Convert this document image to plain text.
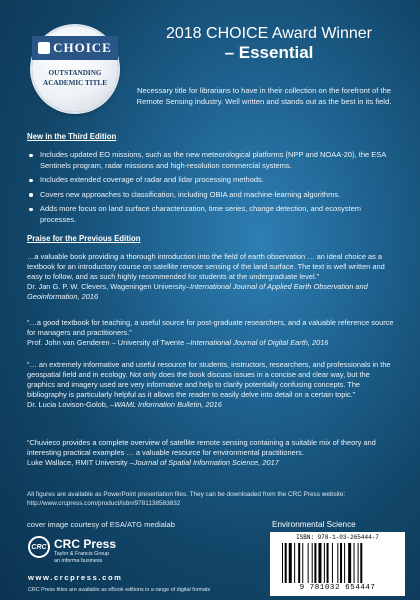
CHOICE
OUTSTANDING
ACADEMIC TITLE
2018 CHOICE Award Winner
– Essential
Necessary title for librarians to have in their collection on the forefront of the Remote Sensing industry. Well written and stands out as the best in its field.
New in the Third Edition
Includes updated EO missions, such as the new meteorological platforms (NPP and NOAA-20), the ESA Sentinels program, radar missions and high-resolution commercial systems.
Includes extended coverage of radar and lidar processing methods.
Covers new approaches to classification, including OBIA and machine-learning algorithms.
Adds more focus on land surface characterization, time series, change detection, and ecosystem processes.
Praise for the Previous Edition

…a valuable book providing a thorough introduction into the field of earth observation … an ideal choice as a textbook for an introductory course on satellite remote sensing of the land surface. The text is well written and easy to follow, and as such highly recommended for students at the undergraduate level.”

Dr. Jan G. P. W. Clevers, Wageningen University–International Journal of Applied Earth Observation and Geoinformation, 2016

“…a good textbook for teaching, a useful source for post-graduate researchers, and a valuable reference source for managers and practitioners.”

Prof. John van Genderen – University of Twente –International Journal of Digital Earth, 2016

“… an extremely informative and useful resource for students, instructors, researchers, and professionals in the geospatial field and in ecology. Not only does the book discuss issues in a concise and clear way, but the graphics and imagery used are very informative and help to clarify potentially confusing concepts. The bibliography is particularly helpful as it allows the reader to easily delve into detail on a certain topic.”

Dr. Lucia Lovison-Golob, –WAML Information Bulletin, 2016

“Chuvieco provides a complete overview of satellite remote sensing containing a suitable mix of theory and interesting practical examples … a valuable resource for environmental practitioners.

Luke Wallace, RMIT University –Journal of Spatial Information Science, 2017

All figures are available as PowerPoint presentation files. They can be downloaded from the CRC Press website: http://www.crcpress.com/product/isbn/9781138583832
cover image courtesy of ESA/ATG medialab	Environmental Science
CRC CRC Press
Taylor & Francis Group
an informa business
www.crcpress.com
CRC Press titles are available as eBook editions in a range of digital formats
ISBN: 978-1-03-265444-7
9 781032 654447
